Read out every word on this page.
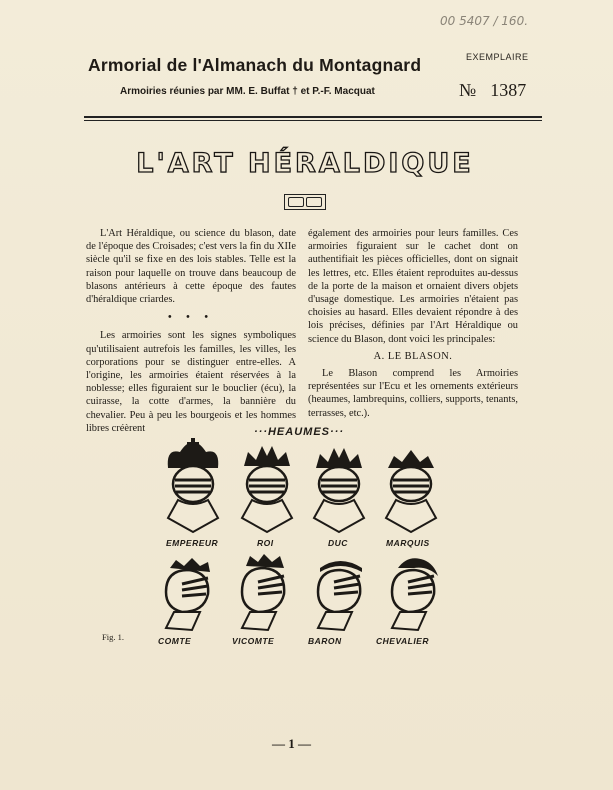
00 5407 / 160.
EXEMPLAIRE
Armorial de l'Almanach du Montagnard
Armoiries réunies par MM. E. Buffat † et P.-F. Macquat	№ 1387
L'ART HÉRALDIQUE

L'Art Héraldique, ou science du blason, date de l'époque des Croisades; c'est vers la fin du XIIe siècle qu'il se fixe en des lois stables. Telle est la raison pour laquelle on trouve dans beaucoup de blasons antérieurs à cette époque des fautes d'héraldique criardes.

• • •

Les armoiries sont les signes symboliques qu'utilisaient autrefois les familles, les villes, les corporations pour se distinguer entre-elles. A l'origine, les armoiries étaient réservées à la noblesse; elles figuraient sur le bouclier (écu), la cuirasse, la cotte d'armes, la bannière du chevalier. Peu à peu les bourgeois et les hommes libres créèrent

également des armoiries pour leurs familles. Ces armoiries figuraient sur le cachet dont on authentifiait les pièces officielles, dont on signait les lettres, etc. Elles étaient reproduites au-dessus de la porte de la maison et ornaient divers objets d'usage domestique. Les armoiries n'étaient pas choisies au hasard. Elles devaient répondre à des lois précises, définies par l'Art Héraldique ou science du Blason, dont voici les principales:

A. LE BLASON.

Le Blason comprend les Armoiries représentées sur l'Ecu et les ornements extérieurs (heaumes, lambrequins, colliers, supports, tenants, terrasses, etc.).

···HEAUMES···
EMPEREUR	ROI	DUC	MARQUIS
Fig. 1.	COMTE	VICOMTE	BARON	CHEVALIER
— 1 —
